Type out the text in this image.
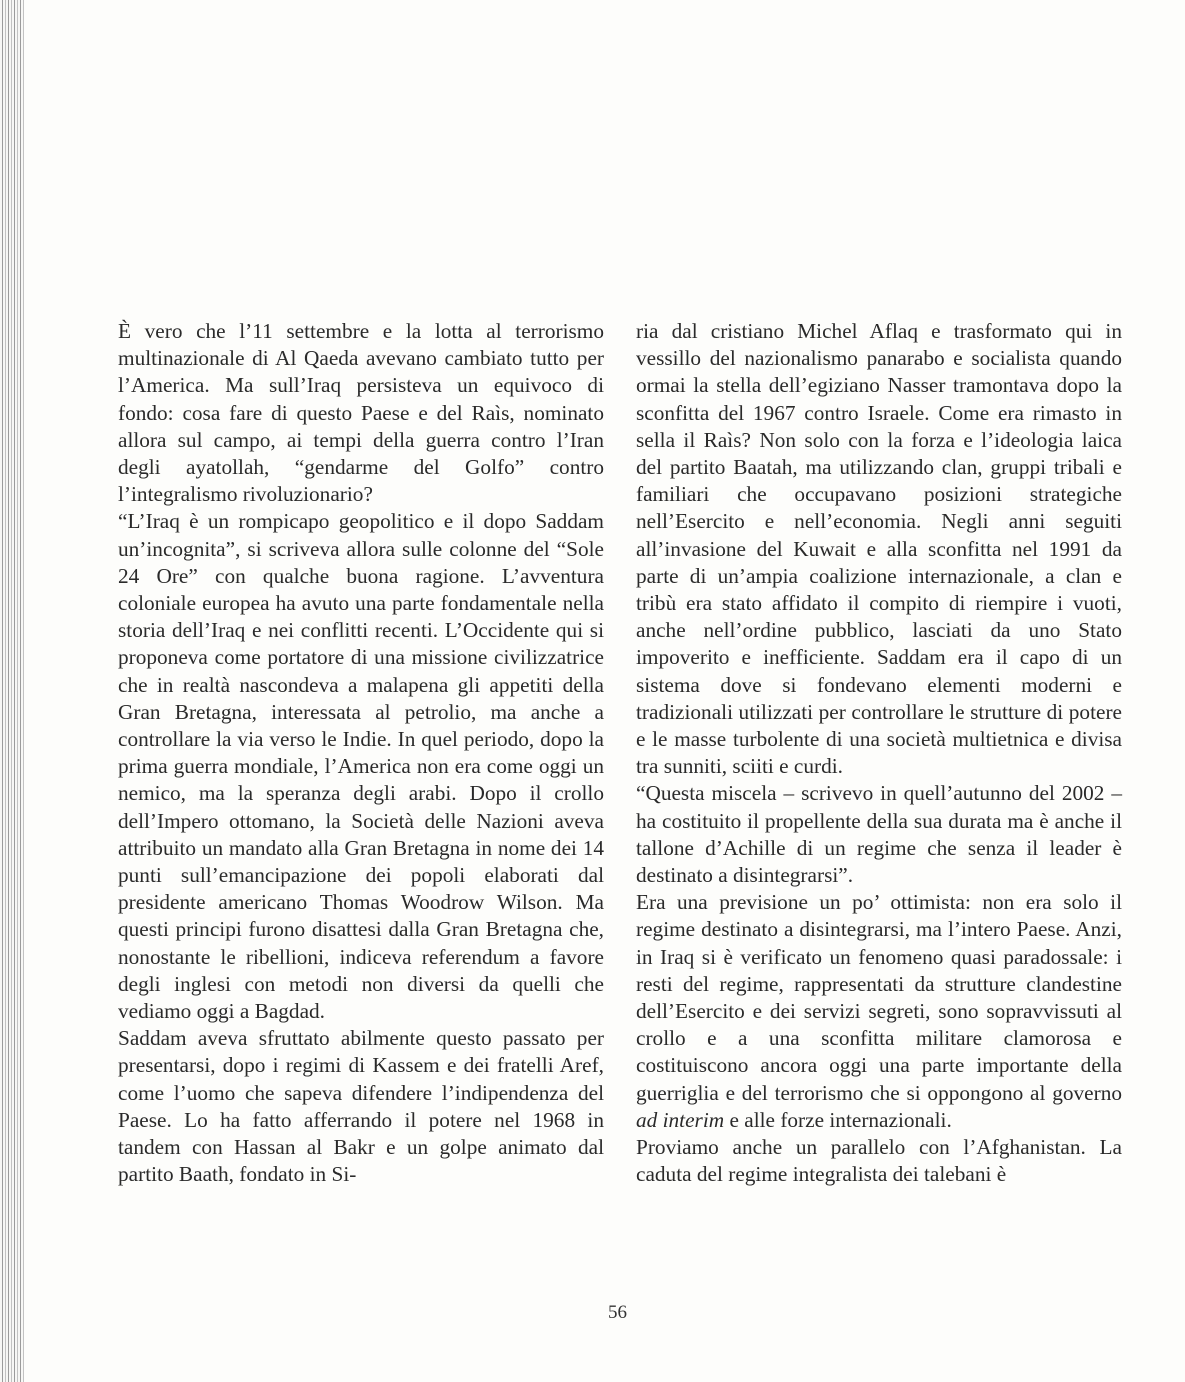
È vero che l’11 settembre e la lotta al terrorismo multinazionale di Al Qaeda avevano cambiato tutto per l’America. Ma sull’Iraq persisteva un equivoco di fondo: cosa fare di questo Paese e del Raìs, nominato allora sul campo, ai tempi della guerra contro l’Iran degli ayatollah, “gendarme del Golfo” contro l’integralismo rivoluzionario?

“L’Iraq è un rompicapo geopolitico e il dopo Saddam un’incognita”, si scriveva allora sulle colonne del “Sole 24 Ore” con qualche buona ragione. L’avventura coloniale europea ha avuto una parte fondamentale nella storia dell’Iraq e nei conflitti recenti. L’Occidente qui si proponeva come portatore di una missione civilizzatrice che in realtà nascondeva a malapena gli appetiti della Gran Bretagna, interessata al petrolio, ma anche a controllare la via verso le Indie. In quel periodo, dopo la prima guerra mondiale, l’America non era come oggi un nemico, ma la speranza degli arabi. Dopo il crollo dell’Impero ottomano, la Società delle Nazioni aveva attribuito un mandato alla Gran Bretagna in nome dei 14 punti sull’emancipazione dei popoli elaborati dal presidente americano Thomas Woodrow Wilson. Ma questi principi furono disattesi dalla Gran Bretagna che, nonostante le ribellioni, indiceva referendum a favore degli inglesi con metodi non diversi da quelli che vediamo oggi a Bagdad.

Saddam aveva sfruttato abilmente questo passato per presentarsi, dopo i regimi di Kassem e dei fratelli Aref, come l’uomo che sapeva difendere l’indipendenza del Paese. Lo ha fatto afferrando il potere nel 1968 in tandem con Hassan al Bakr e un golpe animato dal partito Baath, fondato in Si-

ria dal cristiano Michel Aflaq e trasformato qui in vessillo del nazionalismo panarabo e socialista quando ormai la stella dell’egiziano Nasser tramontava dopo la sconfitta del 1967 contro Israele. Come era rimasto in sella il Raìs? Non solo con la forza e l’ideologia laica del partito Baatah, ma utilizzando clan, gruppi tribali e familiari che occupavano posizioni strategiche nell’Esercito e nell’economia. Negli anni seguiti all’invasione del Kuwait e alla sconfitta nel 1991 da parte di un’ampia coalizione internazionale, a clan e tribù era stato affidato il compito di riempire i vuoti, anche nell’ordine pubblico, lasciati da uno Stato impoverito e inefficiente. Saddam era il capo di un sistema dove si fondevano elementi moderni e tradizionali utilizzati per controllare le strutture di potere e le masse turbolente di una società multietnica e divisa tra sunniti, sciiti e curdi.

“Questa miscela – scrivevo in quell’autunno del 2002 – ha costituito il propellente della sua durata ma è anche il tallone d’Achille di un regime che senza il leader è destinato a disintegrarsi”.

Era una previsione un po’ ottimista: non era solo il regime destinato a disintegrarsi, ma l’intero Paese. Anzi, in Iraq si è verificato un fenomeno quasi paradossale: i resti del regime, rappresentati da strutture clandestine dell’Esercito e dei servizi segreti, sono sopravvissuti al crollo e a una sconfitta militare clamorosa e costituiscono ancora oggi una parte importante della guerriglia e del terrorismo che si oppongono al governo ad interim e alle forze internazionali.

Proviamo anche un parallelo con l’Afghanistan. La caduta del regime integralista dei talebani è

56
